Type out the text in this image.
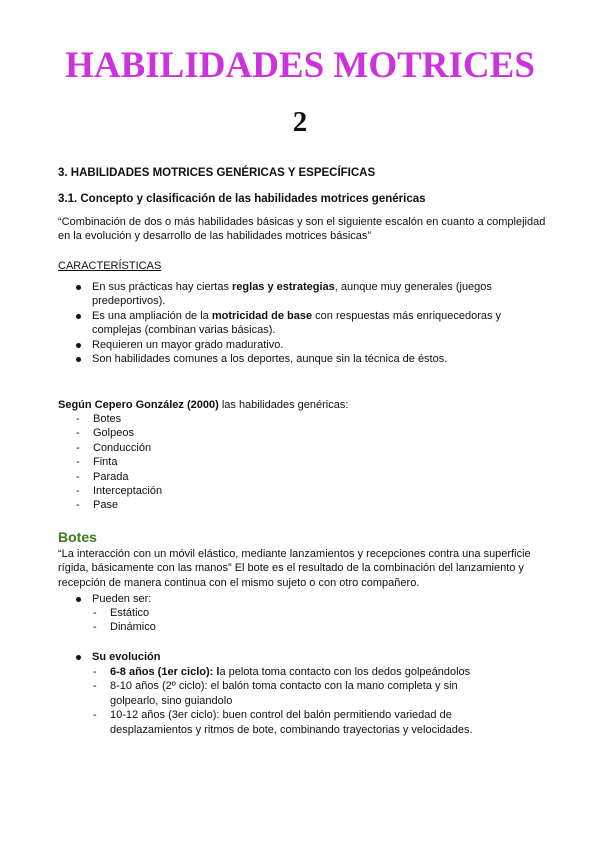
HABILIDADES MOTRICES
2
3. HABILIDADES MOTRICES GENÉRICAS Y ESPECÍFICAS
3.1. Concepto y clasificación de las habilidades motrices genéricas
“Combinación de dos o más habilidades básicas y son el siguiente escalón en cuanto a complejidad en la evolución y desarrollo de las habilidades motrices básicas”
CARACTERÍSTICAS
En sus prácticas hay ciertas reglas y estrategias, aunque muy generales (juegos predeportivos).
Es una ampliación de la motricidad de base con respuestas más enriquecedoras y complejas (combinan varias básicas).
Requieren un mayor grado madurativo.
Son habilidades comunes a los deportes, aunque sin la técnica de éstos.
Según Cepero González (2000) las habilidades genéricas:
- Botes
- Golpeos
- Conducción
- Finta
- Parada
- Interceptación
- Pase
Botes
“La interacción con un móvil elástico, mediante lanzamientos y recepciones contra una superficie rígida, básicamente con las manos” El bote es el resultado de la combinación del lanzamiento y recepción de manera continua con el mismo sujeto o con otro compañero.
Pueden ser:
- Estático
- Dinámico
Su evolución
- 6-8 años (1er ciclo): la pelota toma contacto con los dedos golpeándolos
- 8-10 años (2º ciclo): el balón toma contacto con la mano completa y sin golpearlo, sino guiandolo
- 10-12 años (3er ciclo): buen control del balón permitiendo variedad de desplazamientos y ritmos de bote, combinando trayectorias y velocidades.
